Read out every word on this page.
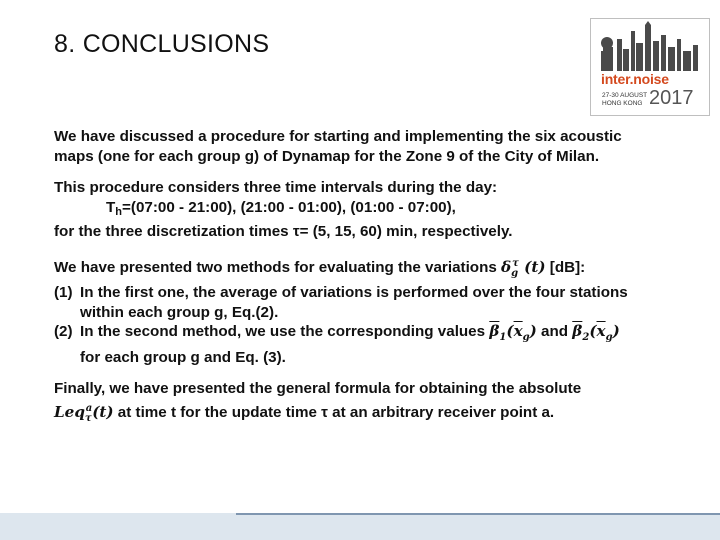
8. CONCLUSIONS
inter.noise
27-30 AUGUST
HONG KONG 2017
We have discussed a procedure for starting and implementing the six acoustic
maps (one for each group g) of Dynamap for the Zone 9 of the City of Milan.
This procedure considers three time intervals during the day:
Th=(07:00 - 21:00), (21:00 - 01:00), (01:00 - 07:00),
for the three discretization times τ= (5, 15, 60) min, respectively.
We have presented two methods for evaluating the variations $\delta_g^\tau$ (t) [dB]:
(1) In the first one, the average of variations is performed over the four stations
within each group g, Eq.(2).
(2) In the second method, we use the corresponding values $\overline{\beta}_1(\overline{x}_g)$ and $\overline{\beta}_2(\overline{x}_g)$
for each group g and Eq. (3).
Finally, we have presented the general formula for obtaining the absolute
Leq$_\tau^a$(t) at time t for the update time τ at an arbitrary receiver point a.
